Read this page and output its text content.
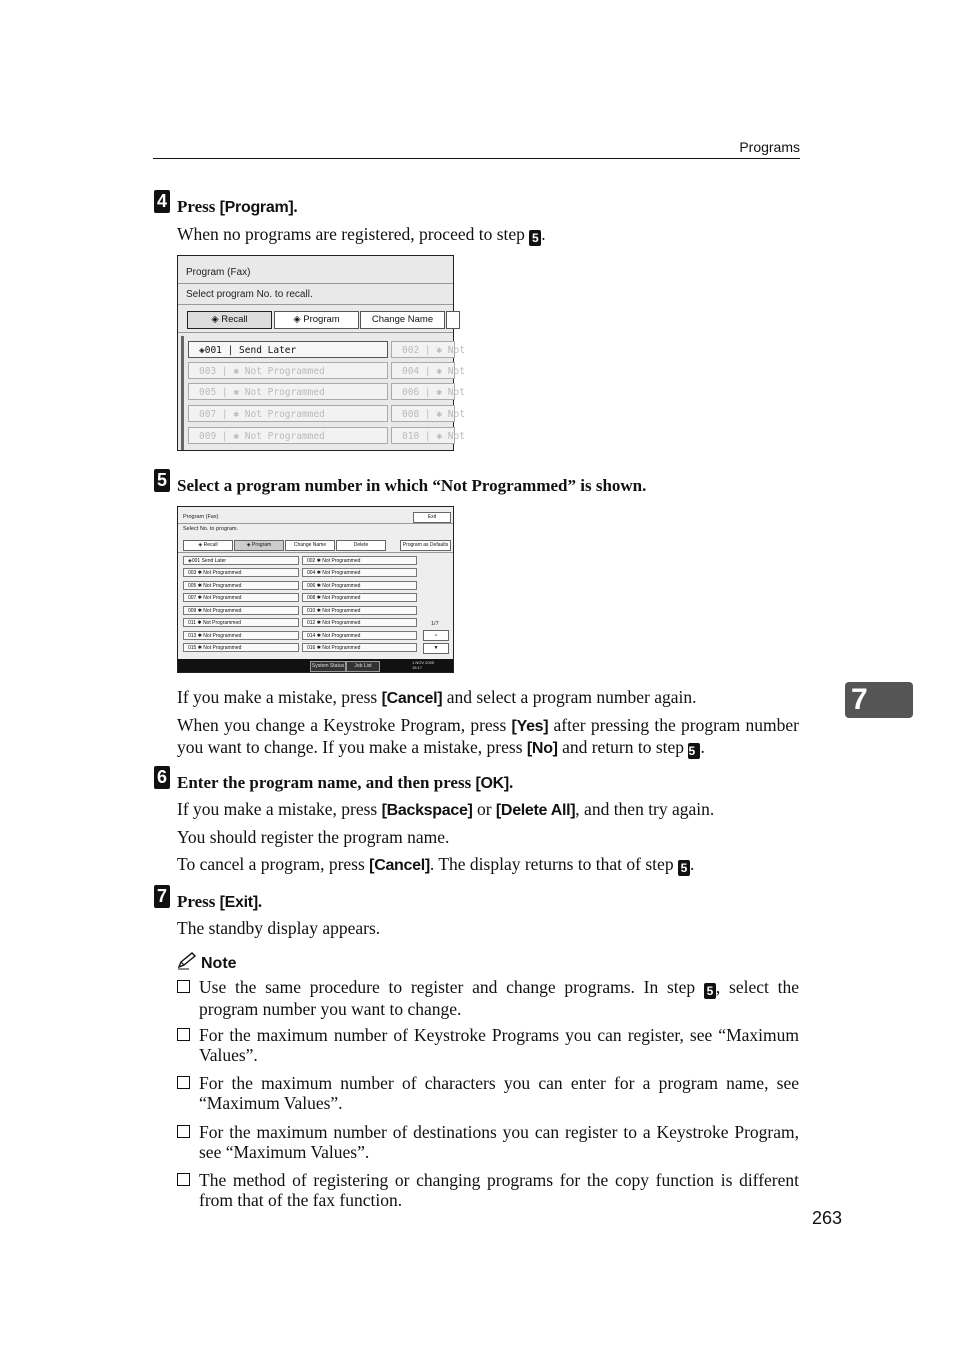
Programs
4 Press [Program].
When no programs are registered, proceed to step 5 .
Program (Fax)
Select program No. to recall.
◈ Recall	◈ Program	Change Name
◈001 | Send Later	002 | ✱ Not
003 | ✱ Not Programmed	004 | ✱ Not
005 | ✱ Not Programmed	006 | ✱ Not
007 | ✱ Not Programmed	008 | ✱ Not
009 | ✱ Not Programmed	010 | ✱ Not
5 Select a program number in which “Not Programmed” is shown.
Program (Fax)	Exit
Select No. to program.
◈ Recall	◈ Program	Change Name	Delete	Program as Defaults
◈001 Send Later	002 ✱ Not Programmed
003 ✱ Not Programmed	004 ✱ Not Programmed
005 ✱ Not Programmed	006 ✱ Not Programmed
007 ✱ Not Programmed	008 ✱ Not Programmed
009 ✱ Not Programmed	010 ✱ Not Programmed
011 ✱ Not Programmed	012 ✱ Not Programmed
013 ✱ Not Programmed	014 ✱ Not Programmed
015 ✱ Not Programmed	016 ✱ Not Programmed
1/7
▲
▼
System Status	Job List
1 NOV 2005 15:17
If you make a mistake, press [Cancel] and select a program number again.
When you change a Keystroke Program, press [Yes] after pressing the program number you want to change. If you make a mistake, press [No] and return to step 5 .
7
6 Enter the program name, and then press [OK].
If you make a mistake, press [Backspace] or [Delete All], and then try again.
You should register the program name.
To cancel a program, press [Cancel]. The display returns to that of step 5 .
7 Press [Exit].
The standby display appears.
Note
Use the same procedure to register and change programs. In step 5 , select the program number you want to change.
For the maximum number of Keystroke Programs you can register, see “Maximum Values”.
For the maximum number of characters you can enter for a program name, see “Maximum Values”.
For the maximum number of destinations you can register to a Keystroke Program, see “Maximum Values”.
The method of registering or changing programs for the copy function is different from that of the fax function.
263
